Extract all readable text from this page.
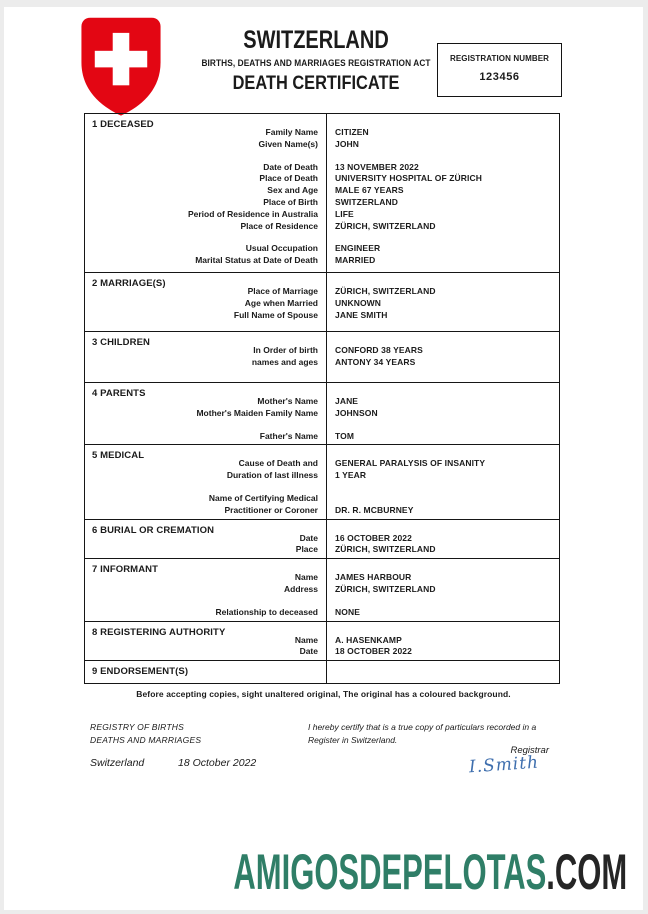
SWITZERLAND
BIRTHS, DEATHS AND MARRIAGES REGISTRATION ACT
DEATH CERTIFICATE
REGISTRATION NUMBER
123456
1 DECEASED
Family Name	CITIZEN
Given Name(s)	JOHN
Date of Death	13 NOVEMBER 2022
Place of Death	UNIVERSITY HOSPITAL OF ZÜRICH
Sex and Age	MALE 67 YEARS
Place of Birth	SWITZERLAND
Period of Residence in Australia	LIFE
Place of Residence	ZÜRICH, SWITZERLAND
Usual Occupation	ENGINEER
Marital Status at Date of Death	MARRIED
2 MARRIAGE(S)
Place of Marriage	ZÜRICH, SWITZERLAND
Age when Married	UNKNOWN
Full Name of Spouse	JANE SMITH
3 CHILDREN
In Order of birth	CONFORD 38 YEARS
names and ages	ANTONY 34 YEARS
4 PARENTS
Mother's Name	JANE
Mother's Maiden Family Name	JOHNSON
Father's Name	TOM
5 MEDICAL
Cause of Death and	GENERAL PARALYSIS OF INSANITY
Duration of last illness	1 YEAR
Name of Certifying Medical
Practitioner or Coroner	DR. R. MCBURNEY
6 BURIAL OR CREMATION
Date	16 OCTOBER 2022
Place	ZÜRICH, SWITZERLAND
7 INFORMANT
Name	JAMES HARBOUR
Address	ZÜRICH, SWITZERLAND
Relationship to deceased	NONE
8 REGISTERING AUTHORITY
Name	A. HASENKAMP
Date	18 OCTOBER 2022
9 ENDORSEMENT(S)
Before accepting copies, sight unaltered original, The original has a coloured background.
REGISTRY OF BIRTHS
DEATHS AND MARRIAGES
I hereby certify that is a true copy of particulars recorded in a Register in Switzerland.
Registrar
I.Smith
Switzerland	18 October 2022
AMIGOSDEPELOTAS.COM
